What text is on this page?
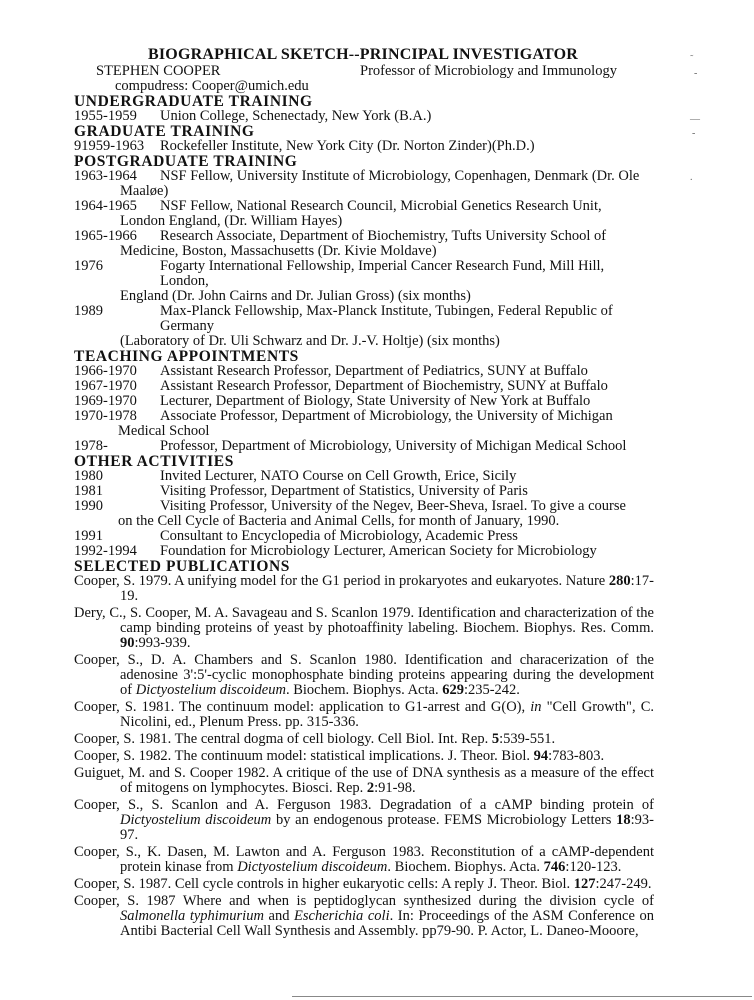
BIOGRAPHICAL SKETCH--PRINCIPAL INVESTIGATOR
STEPHEN COOPER	Professor of Microbiology and Immunology
compudress: Cooper@umich.edu
UNDERGRADUATE TRAINING
1955-1959 Union College, Schenectady, New York (B.A.)
GRADUATE TRAINING
91959-1963 Rockefeller Institute, New York City (Dr. Norton Zinder)(Ph.D.)
POSTGRADUATE TRAINING
1963-1964 NSF Fellow, University Institute of Microbiology, Copenhagen, Denmark (Dr. Ole
Maaløe)
1964-1965 NSF Fellow, National Research Council, Microbial Genetics Research Unit,
London England, (Dr. William Hayes)
1965-1966 Research Associate, Department of Biochemistry, Tufts University School of
Medicine, Boston, Massachusetts (Dr. Kivie Moldave)
1976	Fogarty International Fellowship, Imperial Cancer Research Fund, Mill Hill, London,
England (Dr. John Cairns and Dr. Julian Gross) (six months)
1989	Max-Planck Fellowship, Max-Planck Institute, Tubingen, Federal Republic of Germany
(Laboratory of Dr. Uli Schwarz and Dr. J.-V. Holtje) (six months)
TEACHING APPOINTMENTS
1966-1970 Assistant Research Professor, Department of Pediatrics, SUNY at Buffalo
1967-1970 Assistant Research Professor, Department of Biochemistry, SUNY at Buffalo
1969-1970 Lecturer, Department of Biology, State University of New York at Buffalo
1970-1978 Associate Professor, Department of Microbiology, the University of Michigan
Medical School
1978-	Professor, Department of Microbiology, University of Michigan Medical School
OTHER ACTIVITIES
1980	Invited Lecturer, NATO Course on Cell Growth, Erice, Sicily
1981	Visiting Professor, Department of Statistics, University of Paris
1990	Visiting Professor, University of the Negev, Beer-Sheva, Israel. To give a course
on the Cell Cycle of Bacteria and Animal Cells, for month of January, 1990.
1991	Consultant to Encyclopedia of Microbiology, Academic Press
1992-1994 Foundation for Microbiology Lecturer, American Society for Microbiology
SELECTED PUBLICATIONS
Cooper, S. 1979. A unifying model for the G1 period in prokaryotes and eukaryotes. Nature 280:17-19.
Dery, C., S. Cooper, M. A. Savageau and S. Scanlon 1979. Identification and characterization of the camp binding proteins of yeast by photoaffinity labeling. Biochem. Biophys. Res. Comm. 90:993-939.
Cooper, S., D. A. Chambers and S. Scanlon 1980. Identification and characerization of the adenosine 3':5'-cyclic monophosphate binding proteins appearing during the development of Dictyostelium discoideum. Biochem. Biophys. Acta. 629:235-242.
Cooper, S. 1981. The continuum model: application to G1-arrest and G(O), in "Cell Growth", C. Nicolini, ed., Plenum Press. pp. 315-336.
Cooper, S. 1981. The central dogma of cell biology. Cell Biol. Int. Rep. 5:539-551.
Cooper, S. 1982. The continuum model: statistical implications. J. Theor. Biol. 94:783-803.
Guiguet, M. and S. Cooper 1982. A critique of the use of DNA synthesis as a measure of the effect of mitogens on lymphocytes. Biosci. Rep. 2:91-98.
Cooper, S., S. Scanlon and A. Ferguson 1983. Degradation of a cAMP binding protein of Dictyostelium discoideum by an endogenous protease. FEMS Microbiology Letters 18:93-97.
Cooper, S., K. Dasen, M. Lawton and A. Ferguson 1983. Reconstitution of a cAMP-dependent protein kinase from Dictyostelium discoideum. Biochem. Biophys. Acta. 746:120-123.
Cooper, S. 1987. Cell cycle controls in higher eukaryotic cells: A reply J. Theor. Biol. 127:247-249.
Cooper, S. 1987 Where and when is peptidoglycan synthesized during the division cycle of Salmonella typhimurium and Escherichia coli. In: Proceedings of the ASM Conference on Antibi Bacterial Cell Wall Synthesis and Assembly. pp79-90. P. Actor, L. Daneo-Mooore,
˜
-
—
-
.
